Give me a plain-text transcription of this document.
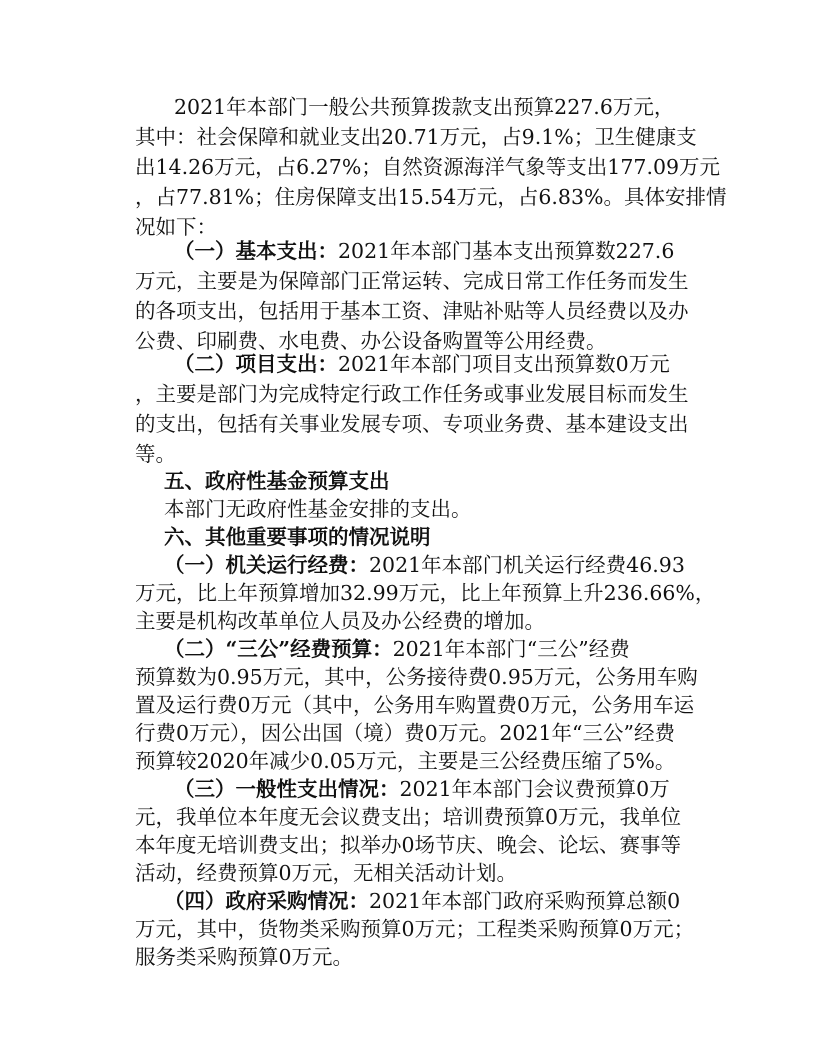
2021年本部门一般公共预算拨款支出预算227.6万元，
其中：社会保障和就业支出20.71万元，占9.1%；卫生健康支
出14.26万元，占6.27%；自然资源海洋气象等支出177.09万元
，占77.81%；住房保障支出15.54万元，占6.83%。具体安排情
况如下：
（一）基本支出：2021年本部门基本支出预算数227.6
万元，主要是为保障部门正常运转、完成日常工作任务而发生
的各项支出，包括用于基本工资、津贴补贴等人员经费以及办
公费、印刷费、水电费、办公设备购置等公用经费。
（二）项目支出：2021年本部门项目支出预算数0万元
，主要是部门为完成特定行政工作任务或事业发展目标而发生
的支出，包括有关事业发展专项、专项业务费、基本建设支出
等。
五、政府性基金预算支出
本部门无政府性基金安排的支出。
六、其他重要事项的情况说明
（一）机关运行经费：2021年本部门机关运行经费46.93
万元，比上年预算增加32.99万元，比上年预算上升236.66%，
主要是机构改革单位人员及办公经费的增加。
（二）“三公”经费预算：2021年本部门“三公”经费
预算数为0.95万元，其中，公务接待费0.95万元，公务用车购
置及运行费0万元（其中，公务用车购置费0万元，公务用车运
行费0万元），因公出国（境）费0万元。2021年“三公”经费
预算较2020年减少0.05万元，主要是三公经费压缩了5%。
（三）一般性支出情况：2021年本部门会议费预算0万
元，我单位本年度无会议费支出；培训费预算0万元，我单位
本年度无培训费支出；拟举办0场节庆、晚会、论坛、赛事等
活动，经费预算0万元，无相关活动计划。
（四）政府采购情况：2021年本部门政府采购预算总额0
万元，其中，货物类采购预算0万元；工程类采购预算0万元；
服务类采购预算0万元。
